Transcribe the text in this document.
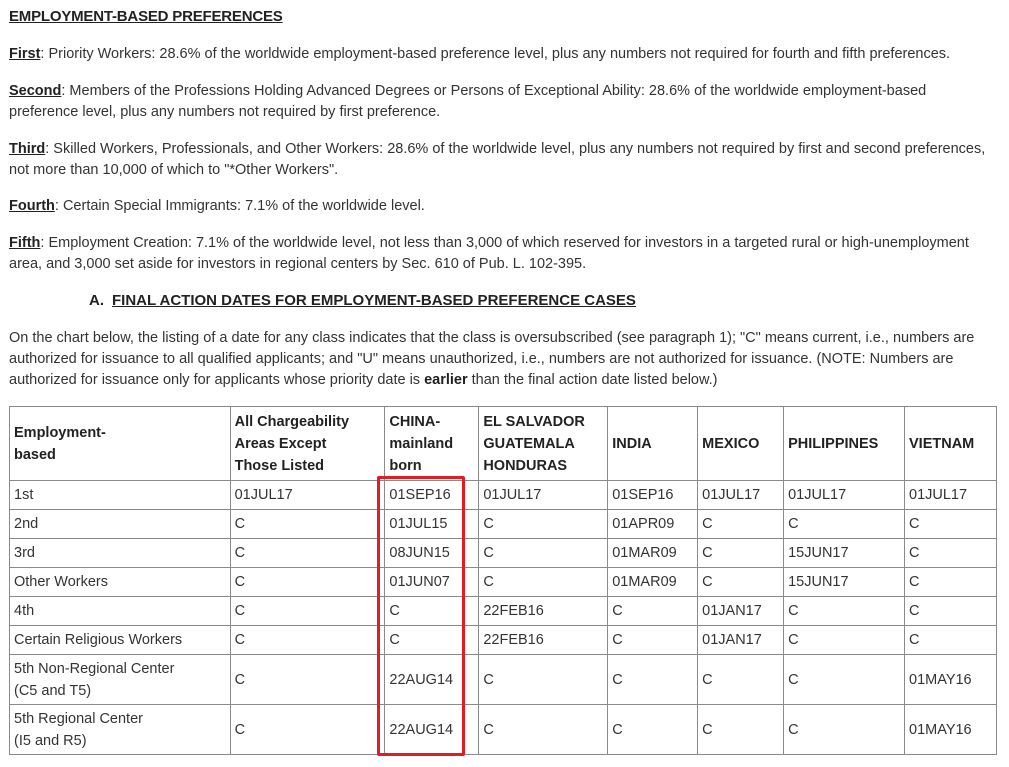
EMPLOYMENT-BASED PREFERENCES
First: Priority Workers: 28.6% of the worldwide employment-based preference level, plus any numbers not required for fourth and fifth preferences.
Second: Members of the Professions Holding Advanced Degrees or Persons of Exceptional Ability: 28.6% of the worldwide employment-based preference level, plus any numbers not required by first preference.
Third: Skilled Workers, Professionals, and Other Workers: 28.6% of the worldwide level, plus any numbers not required by first and second preferences, not more than 10,000 of which to "*Other Workers".
Fourth: Certain Special Immigrants: 7.1% of the worldwide level.
Fifth: Employment Creation: 7.1% of the worldwide level, not less than 3,000 of which reserved for investors in a targeted rural or high-unemployment area, and 3,000 set aside for investors in regional centers by Sec. 610 of Pub. L. 102-395.
A. FINAL ACTION DATES FOR EMPLOYMENT-BASED PREFERENCE CASES
On the chart below, the listing of a date for any class indicates that the class is oversubscribed (see paragraph 1); "C" means current, i.e., numbers are authorized for issuance to all qualified applicants; and "U" means unauthorized, i.e., numbers are not authorized for issuance. (NOTE: Numbers are authorized for issuance only for applicants whose priority date is earlier than the final action date listed below.)
Employment-
based	All Chargeability
Areas Except
Those Listed	CHINA-
mainland
born	EL SALVADOR
GUATEMALA
HONDURAS	INDIA	MEXICO	PHILIPPINES	VIETNAM
1st	01JUL17	01SEP16	01JUL17	01SEP16	01JUL17	01JUL17	01JUL17
2nd	C	01JUL15	C	01APR09	C	C	C
3rd	C	08JUN15	C	01MAR09	C	15JUN17	C
Other Workers	C	01JUN07	C	01MAR09	C	15JUN17	C
4th	C	C	22FEB16	C	01JAN17	C	C
Certain Religious Workers	C	C	22FEB16	C	01JAN17	C	C
5th Non-Regional Center
(C5 and T5)	C	22AUG14	C	C	C	C	01MAY16
5th Regional Center
(I5 and R5)	C	22AUG14	C	C	C	C	01MAY16
